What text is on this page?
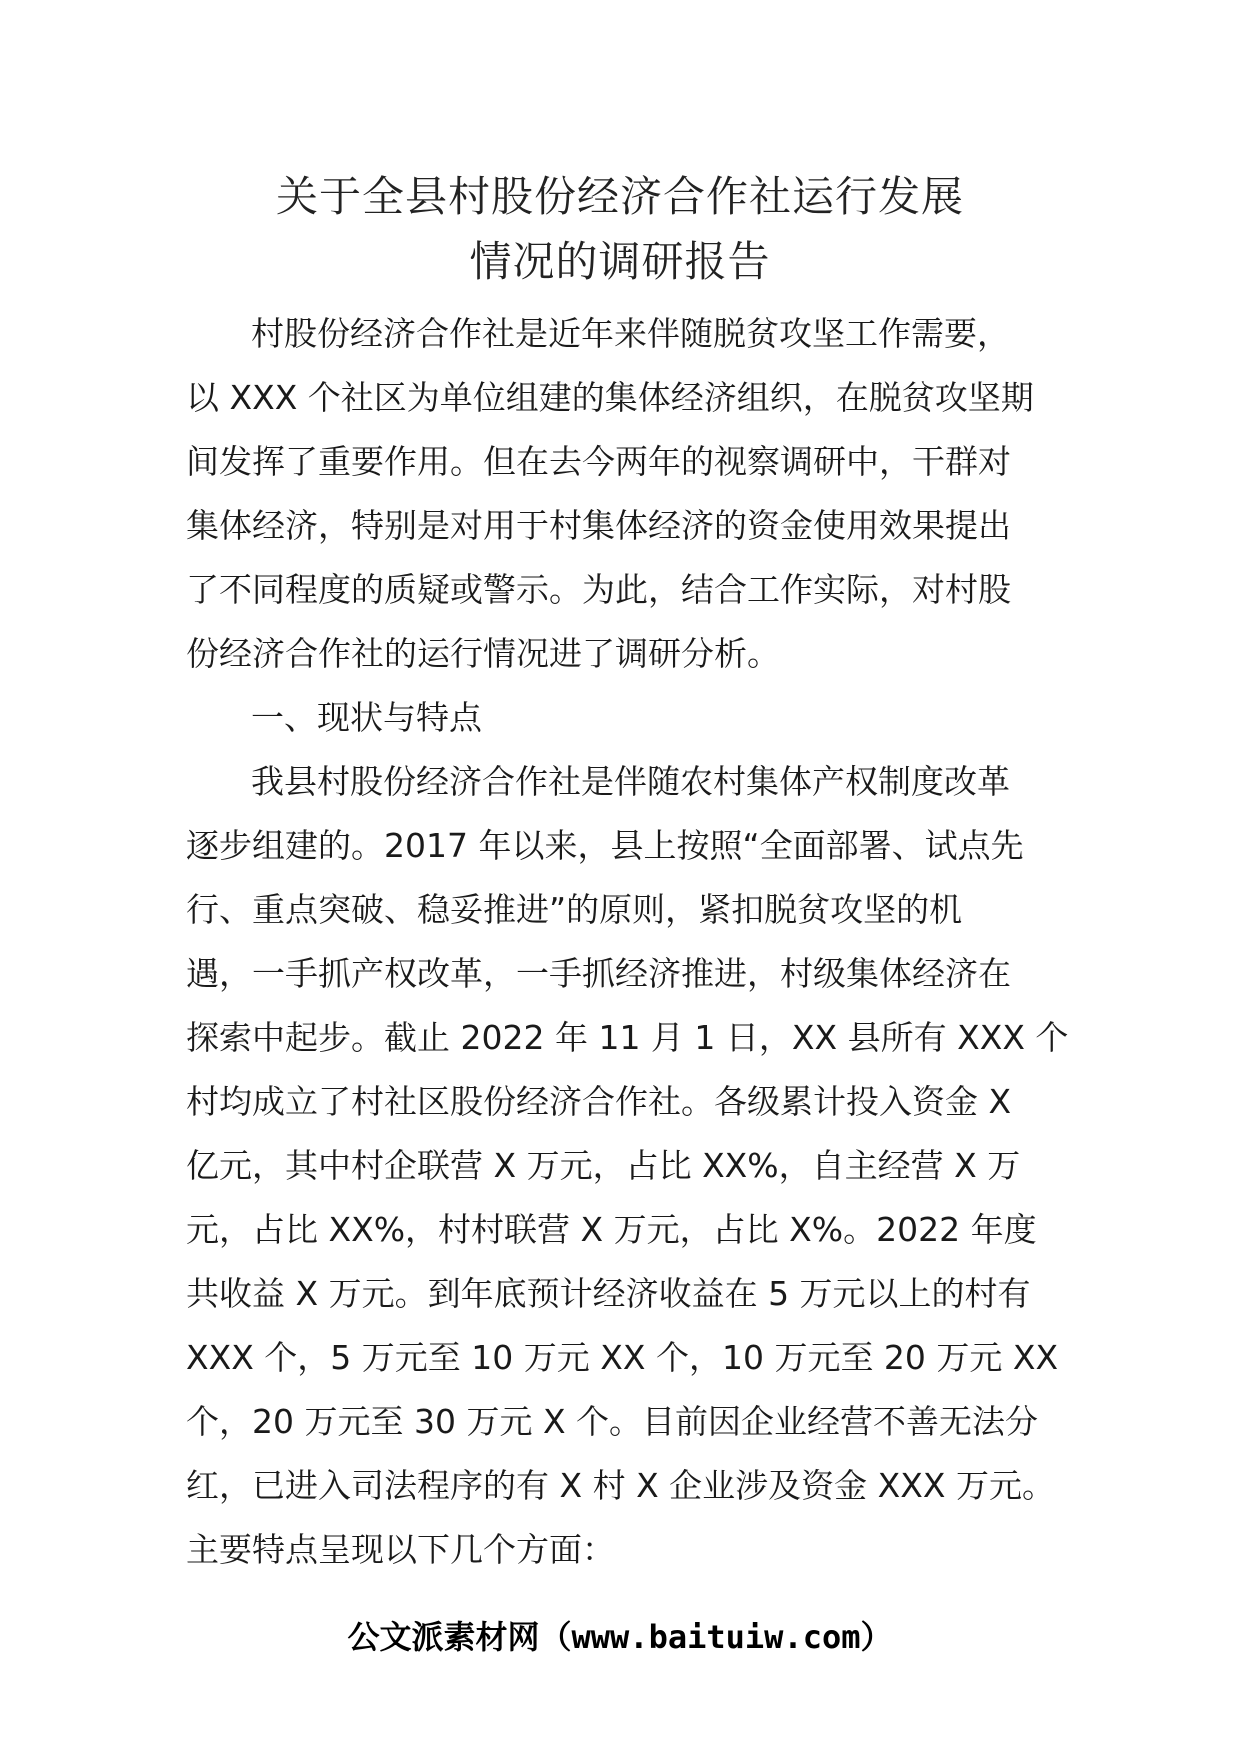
关于全县村股份经济合作社运行发展
情况的调研报告

村股份经济合作社是近年来伴随脱贫攻坚工作需要，

以 XXX 个社区为单位组建的集体经济组织，在脱贫攻坚期

间发挥了重要作用。但在去今两年的视察调研中，干群对

集体经济，特别是对用于村集体经济的资金使用效果提出

了不同程度的质疑或警示。为此，结合工作实际，对村股

份经济合作社的运行情况进了调研分析。

一、现状与特点

我县村股份经济合作社是伴随农村集体产权制度改革

逐步组建的。2017 年以来，县上按照“全面部署、试点先

行、重点突破、稳妥推进”的原则，紧扣脱贫攻坚的机

遇，一手抓产权改革，一手抓经济推进，村级集体经济在

探索中起步。截止 2022 年 11 月 1 日，XX 县所有 XXX 个

村均成立了村社区股份经济合作社。各级累计投入资金 X

亿元，其中村企联营 X 万元，占比 XX%，自主经营 X 万

元，占比 XX%，村村联营 X 万元，占比 X%。2022 年度

共收益 X 万元。到年底预计经济收益在 5 万元以上的村有

XXX 个，5 万元至 10 万元 XX 个，10 万元至 20 万元 XX

个，20 万元至 30 万元 X 个。目前因企业经营不善无法分

红，已进入司法程序的有 X 村 X 企业涉及资金 XXX 万元。

主要特点呈现以下几个方面：

公文派素材网（www.baituiw.com）
